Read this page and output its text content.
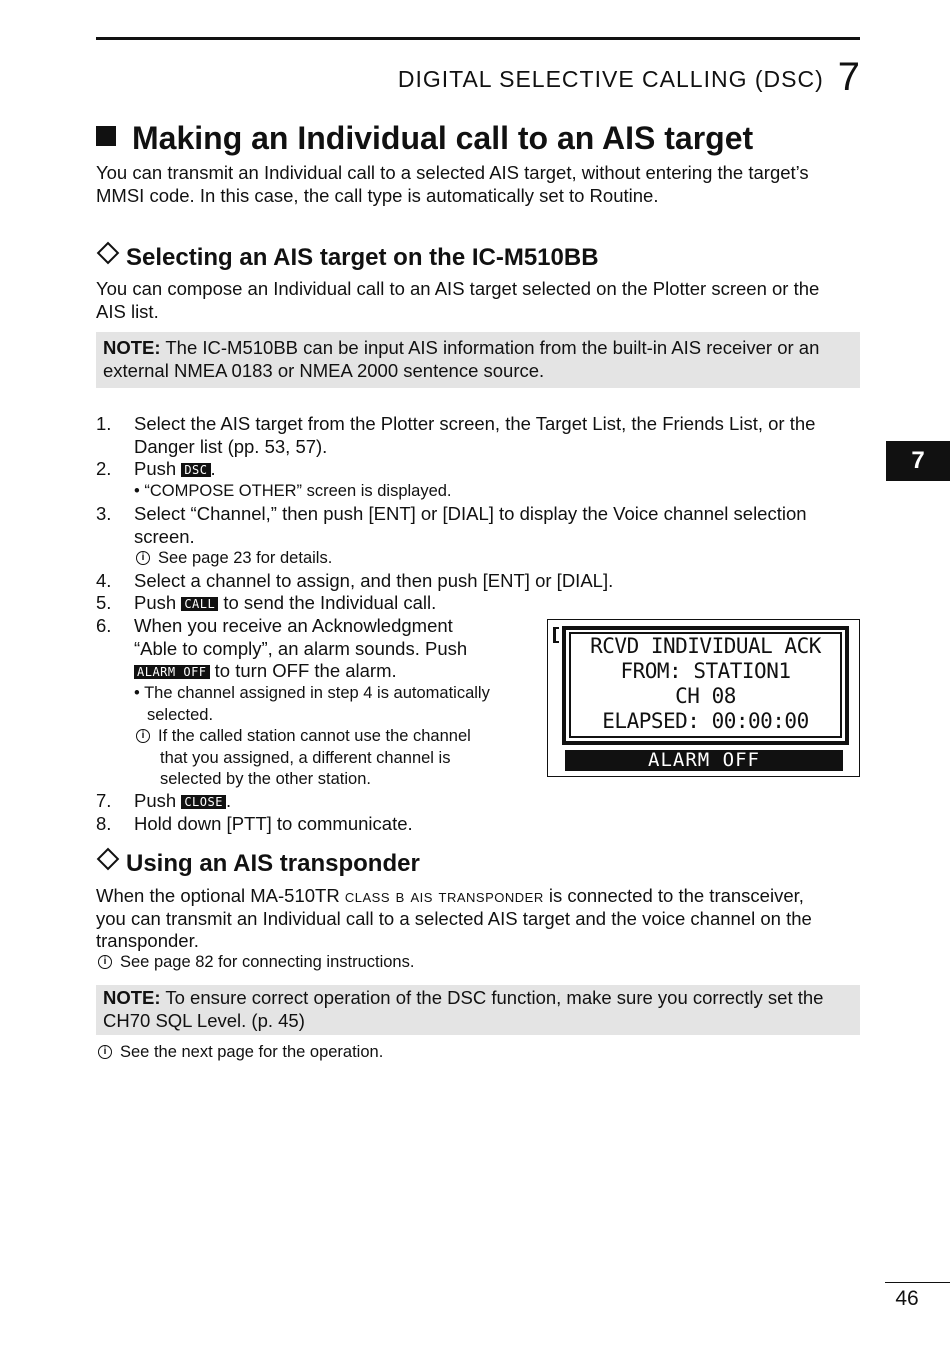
DIGITAL SELECTIVE CALLING (DSC) 7
Making an Individual call to an AIS target
You can transmit an Individual call to a selected AIS target, without entering the target’s
MMSI code. In this case, the call type is automatically set to Routine.
Selecting an AIS target on the IC-M510BB
You can compose an Individual call to an AIS target selected on the Plotter screen or the
AIS list.
NOTE: The IC-M510BB can be input AIS information from the built-in AIS receiver or an
external NMEA 0183 or NMEA 2000 sentence source.
1. Select the AIS target from the Plotter screen, the Target List, the Friends List, or the
Danger list (pp. 53, 57).
2. Push DSC .
• “COMPOSE OTHER” screen is displayed.
3. Select “Channel,” then push [ENT] or [DIAL] to display the Voice channel selection
screen.
i See page 23 for details.
4. Select a channel to assign, and then push [ENT] or [DIAL].
5. Push CALL to send the Individual call.
6. When you receive an Acknowledgment
“Able to comply”, an alarm sounds. Push
ALARM OFF to turn OFF the alarm.
• The channel assigned in step 4 is automatically
selected.
i If the called station cannot use the channel
that you assigned, a different channel is
selected by the other station.
7. Push CLOSE .
8. Hold down [PTT] to communicate.
RCVD INDIVIDUAL ACK
FROM: STATION1
CH 08
ELAPSED: 00:00:00
ALARM OFF
Using an AIS transponder
When the optional MA-510TR class b ais transponder is connected to the transceiver,
you can transmit an Individual call to a selected AIS target and the voice channel on the
transponder.
i See page 82 for connecting instructions.
NOTE: To ensure correct operation of the DSC function, make sure you correctly set the
CH70 SQL Level. (p. 45)
i See the next page for the operation.
7
46
